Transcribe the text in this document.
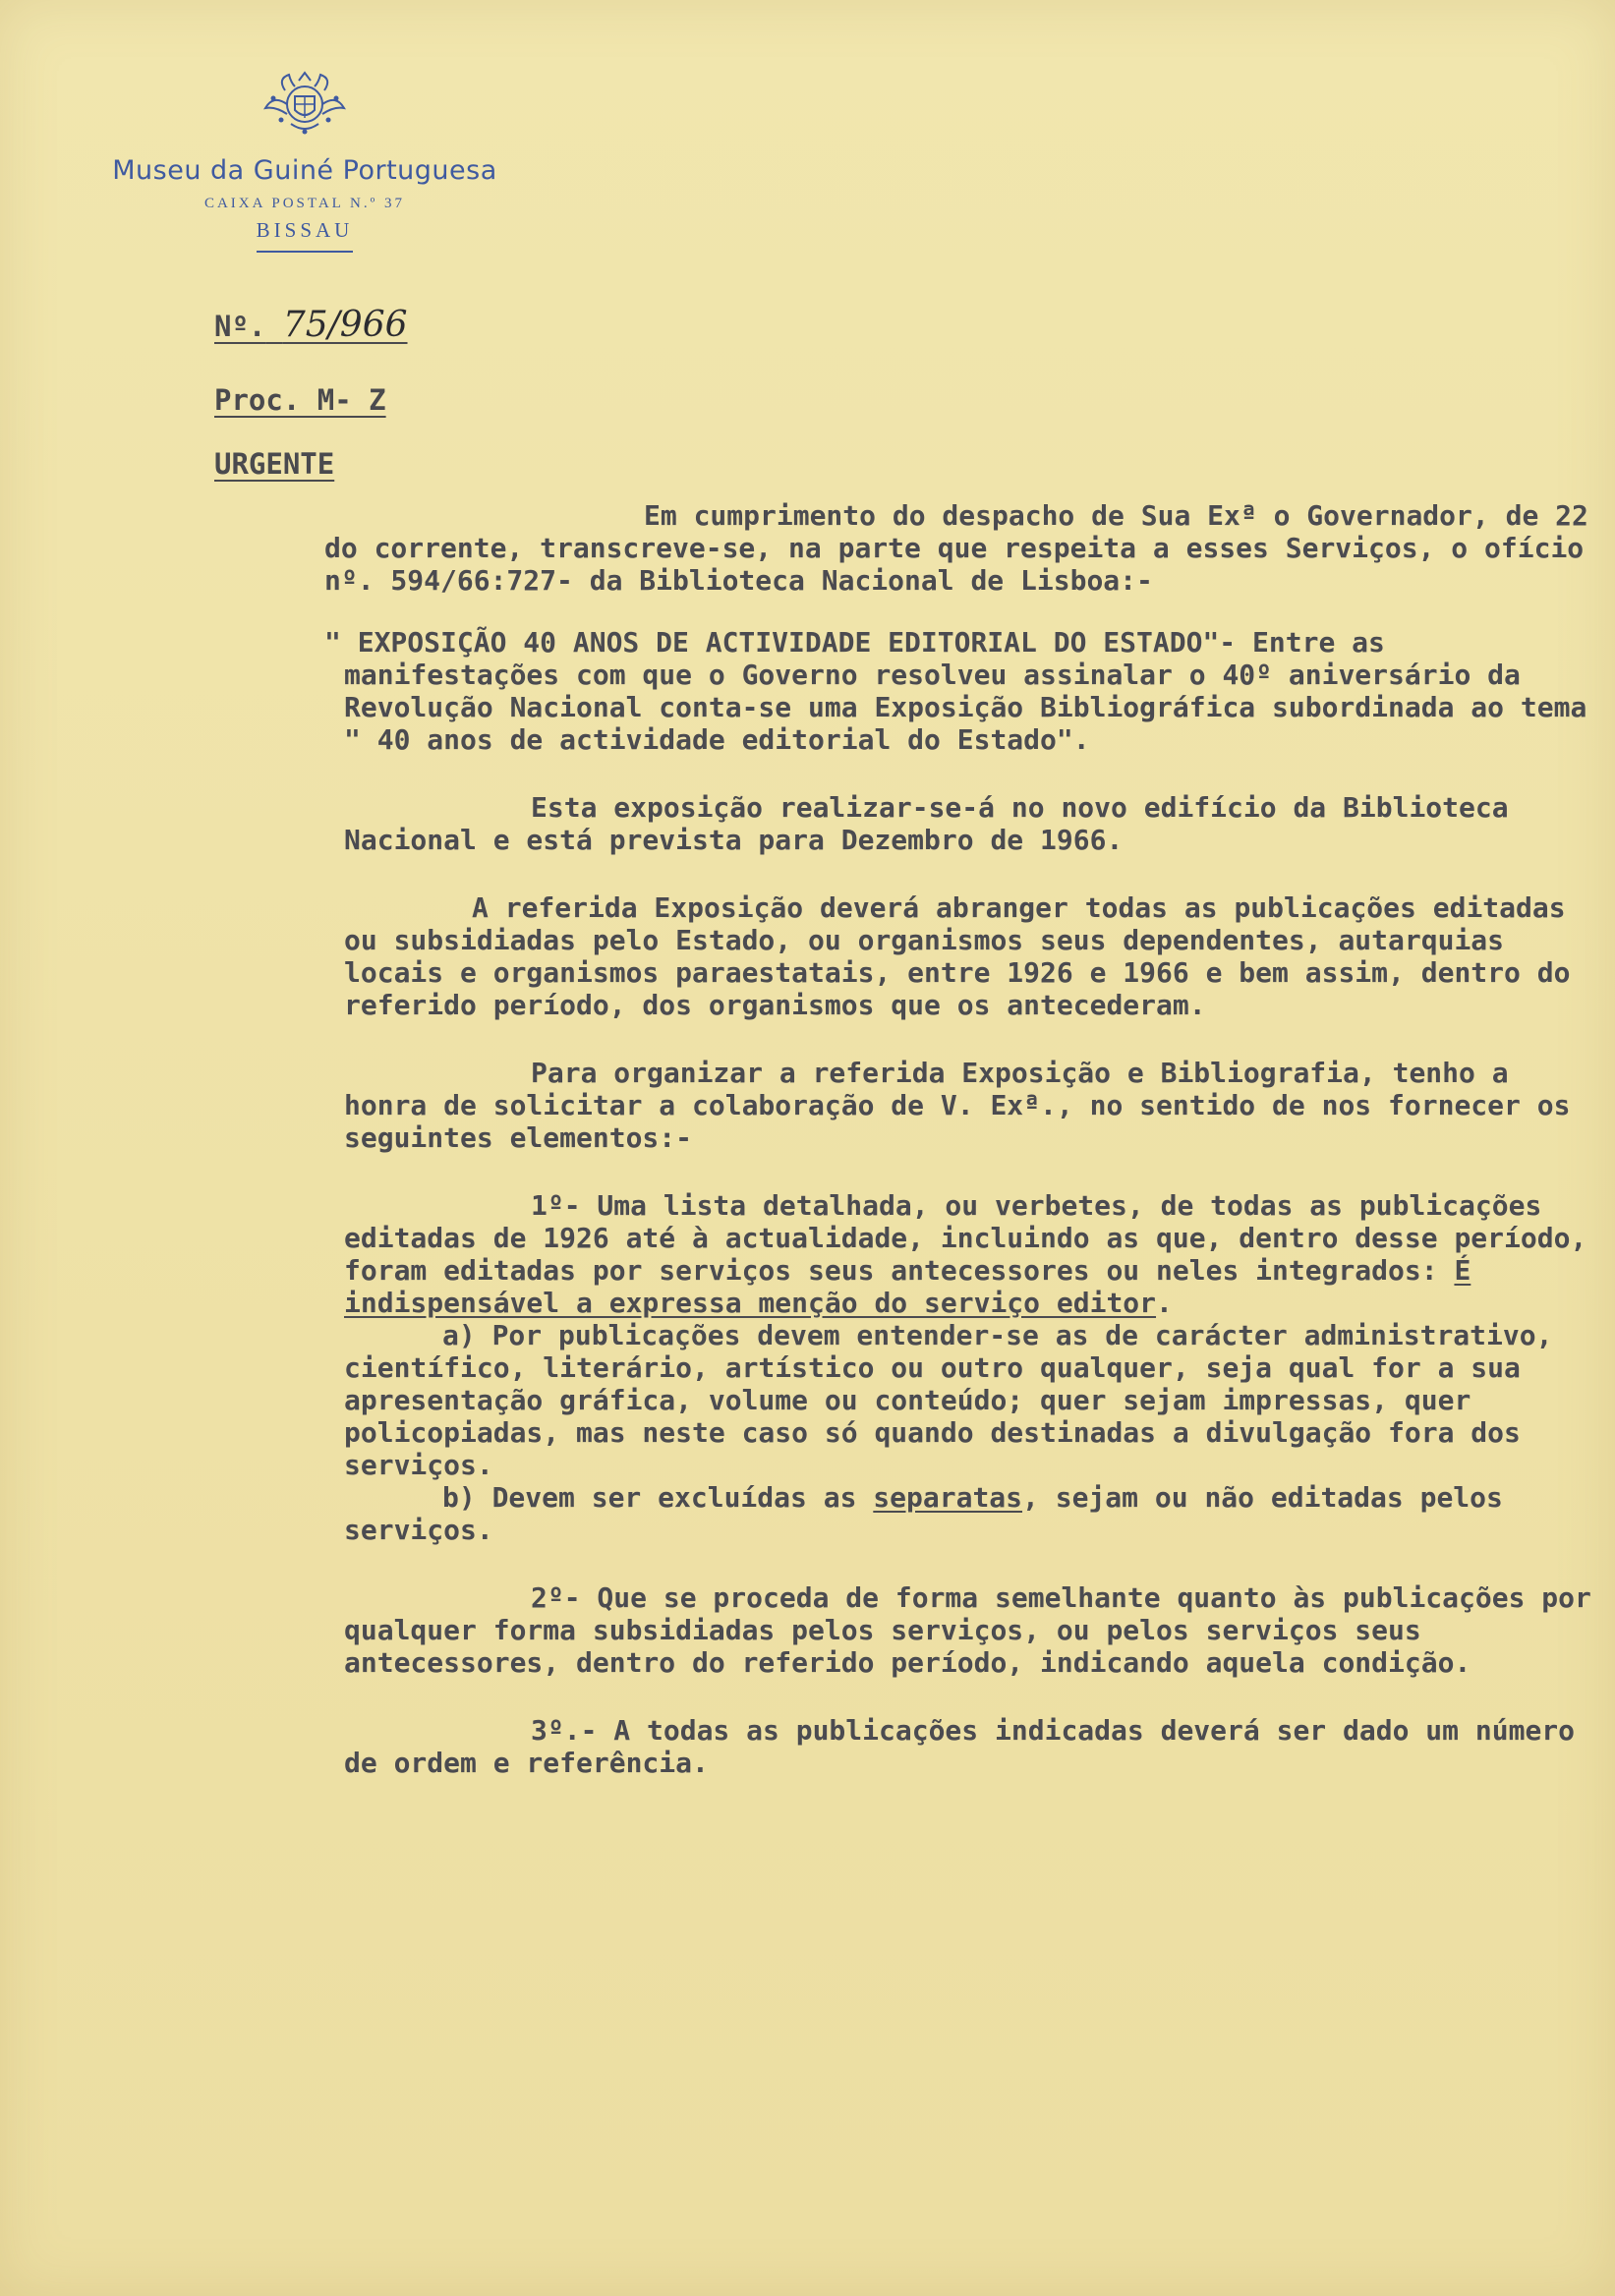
Museu da Guiné Portuguesa
CAIXA POSTAL N.º 37
BISSAU
Nº. 75/966
Proc. M- Z
URGENTE

Em cumprimento do despacho de Sua Exª o Governador, de 22 do corrente, transcreve-se, na parte que respeita a esses Serviços, o ofício nº. 594/66:727- da Biblioteca Nacional de Lisboa:-

" EXPOSIÇÃO 40 ANOS DE ACTIVIDADE EDITORIAL DO ESTADO"- Entre as manifestações com que o Governo resolveu assinalar o 40º aniversário da Revolução Nacional conta-se uma Exposição Bibliográfica subordinada ao tema " 40 anos de actividade editorial do Estado".

Esta exposição realizar-se-á no novo edifício da Biblioteca Nacional e está prevista para Dezembro de 1966.

A referida Exposição deverá abranger todas as publicações editadas ou subsidiadas pelo Estado, ou organismos seus dependentes, autarquias locais e organismos paraestatais, entre 1926 e 1966 e bem assim, dentro do referido período, dos organismos que os antecederam.

Para organizar a referida Exposição e Bibliografia, tenho a honra de solicitar a colaboração de V. Exª., no sentido de nos fornecer os seguintes elementos:-

1º- Uma lista detalhada, ou verbetes, de todas as publicações editadas de 1926 até à actualidade, incluindo as que, dentro desse período, foram editadas por serviços seus antecessores ou neles integrados: É indispensável a expressa menção do serviço editor.

a) Por publicações devem entender-se as de carácter administrativo, científico, literário, artístico ou outro qualquer, seja qual for a sua apresentação gráfica, volume ou conteúdo; quer sejam impressas, quer policopiadas, mas neste caso só quando destinadas a divulgação fora dos serviços.

b) Devem ser excluídas as separatas, sejam ou não editadas pelos serviços.

2º- Que se proceda de forma semelhante quanto às publicações por qualquer forma subsidiadas pelos serviços, ou pelos serviços seus antecessores, dentro do referido período, indicando aquela condição.

3º.- A todas as publicações indicadas deverá ser dado um número de ordem e referência.
